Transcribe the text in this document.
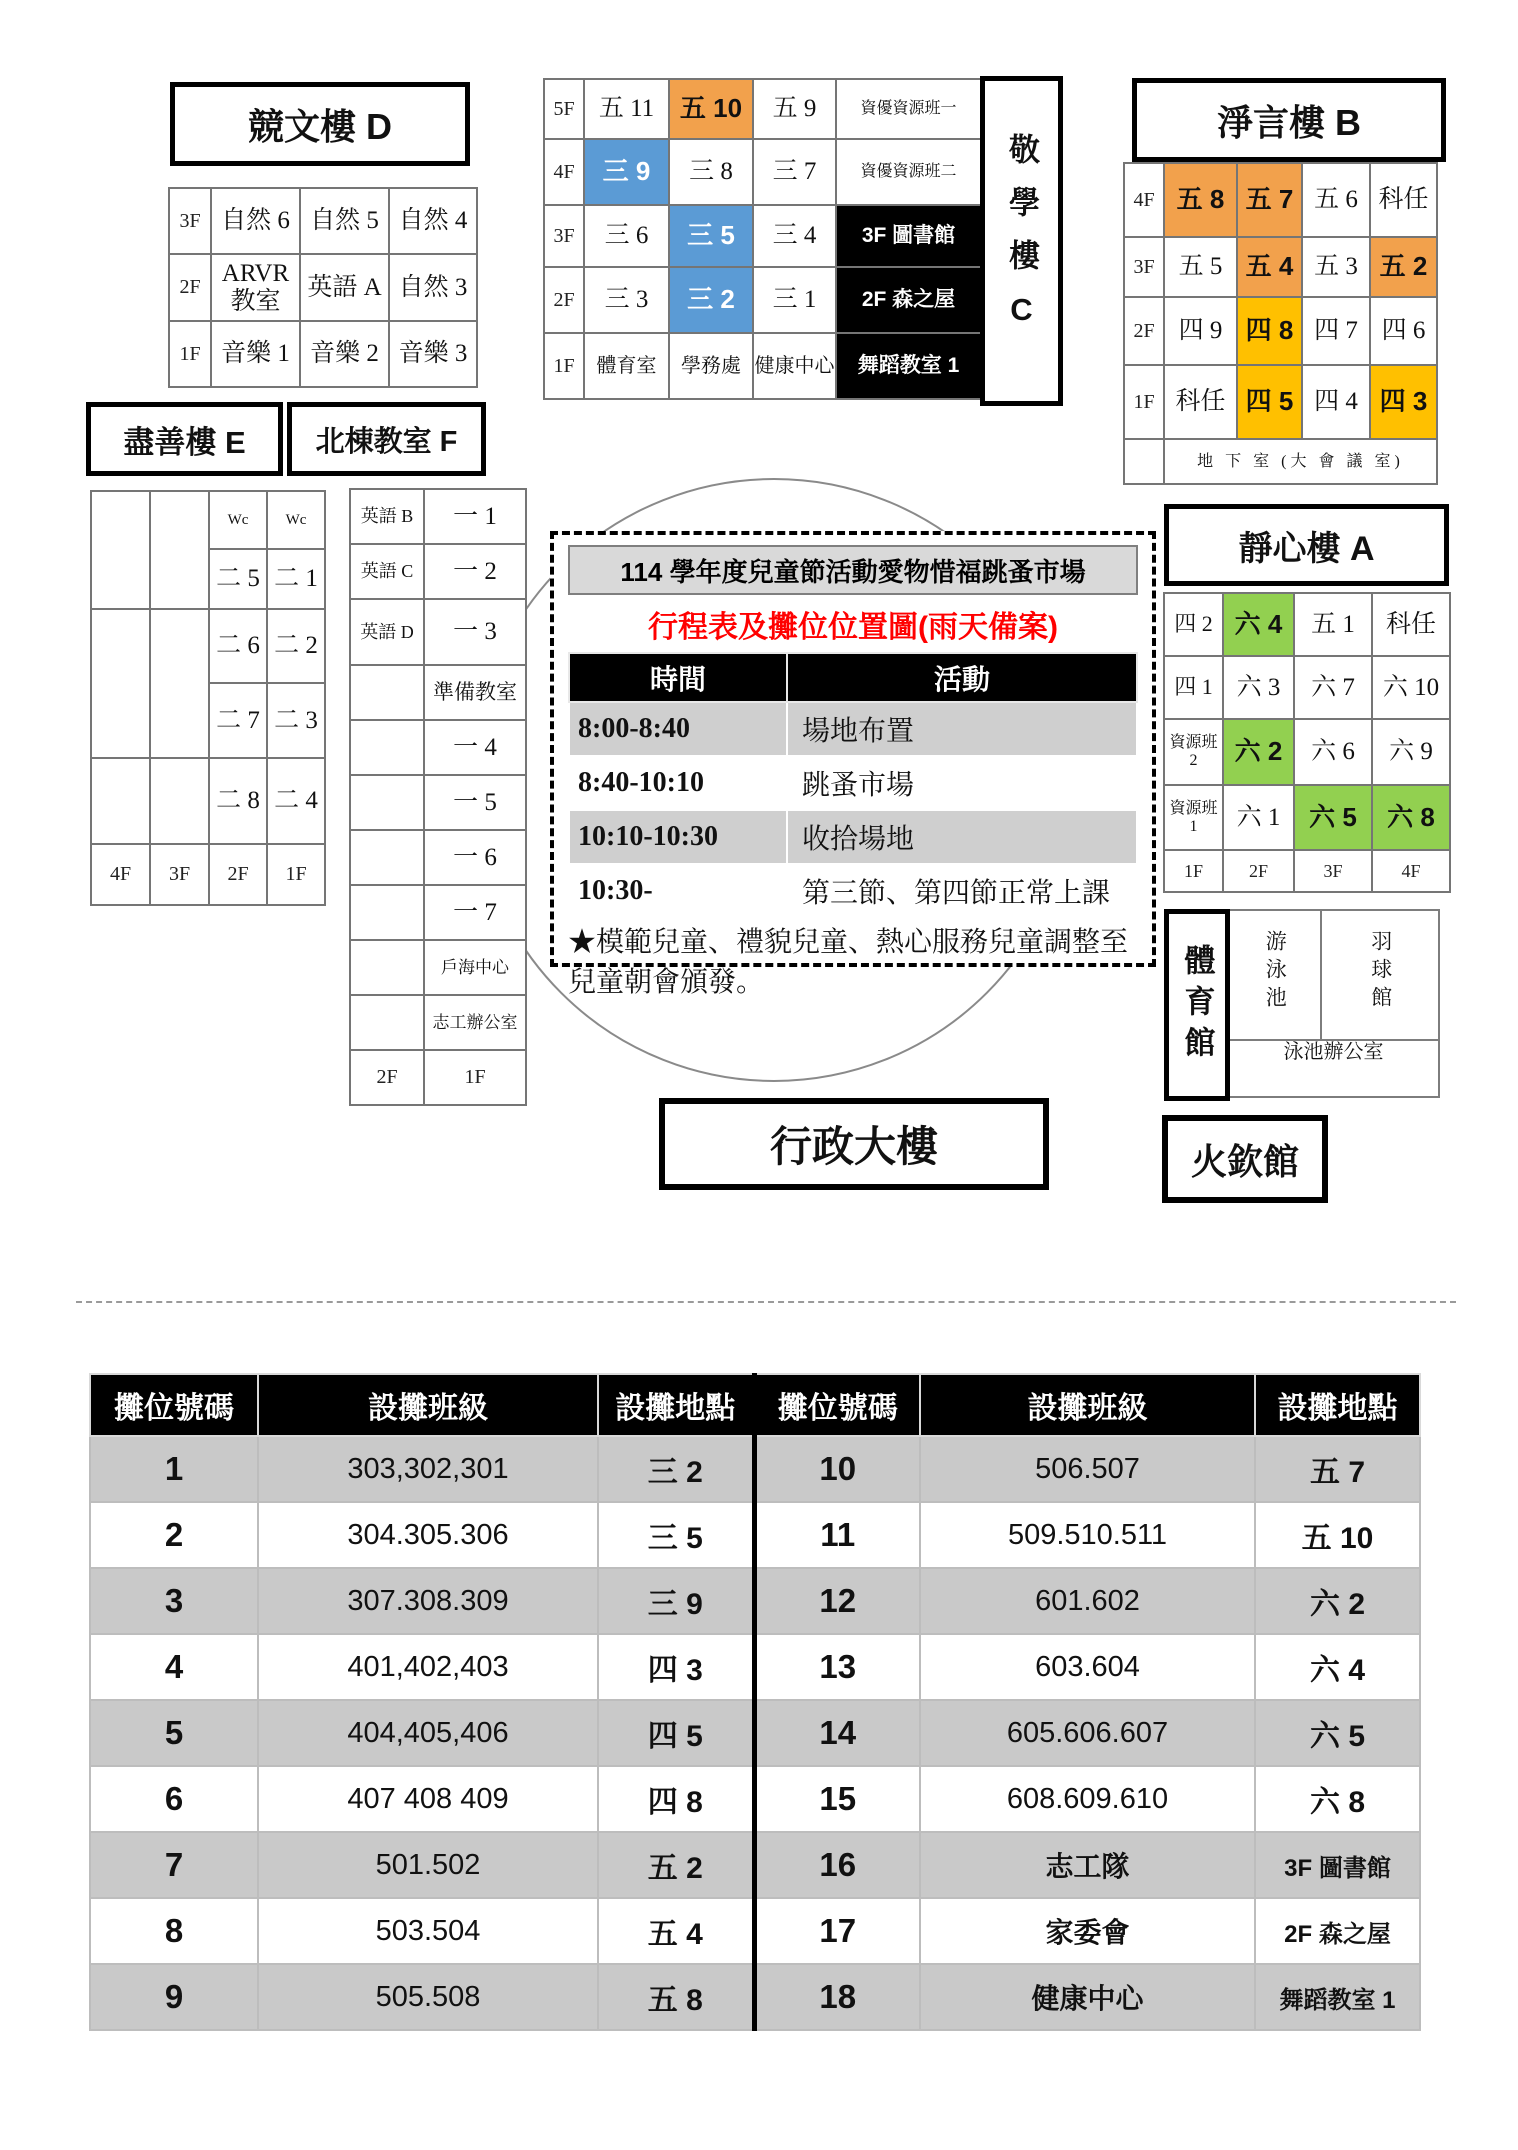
競文樓 D
3F	自然 6	自然 5	自然 4
2F	ARVR 教室	英語 A	自然 3
1F	音樂 1	音樂 2	音樂 3
5F	五 11	五 10	五 9	資優資源班一
4F	三 9	三 8	三 7	資優資源班二
3F	三 6	三 5	三 4	3F 圖書館
2F	三 3	三 2	三 1	2F 森之屋
1F	體育室	學務處	健康中心	舞蹈教室 1
敬學樓C
淨言樓 B
4F	五 8	五 7	五 6	科任
3F	五 5	五 4	五 3	五 2
2F	四 9	四 8	四 7	四 6
1F	科任	四 5	四 4	四 3
	地 下 室 (大 會 議 室)			
盡善樓 E	北棟教室 F
		Wc	Wc
		二 5	二 1
		二 6	二 2
		二 7	二 3
		二 8	二 4
4F	3F	2F	1F
英語 B	一 1
英語 C	一 2
英語 D	一 3
	準備教室
	一 4
	一 5
	一 6
	一 7
	戶海中心
	志工辦公室
2F	1F
114 學年度兒童節活動愛物惜福跳蚤市場
行程表及攤位位置圖(雨天備案)
時間	活動
8:00-8:40	場地布置
8:40-10:10	跳蚤市場
10:10-10:30	收拾場地
10:30-	第三節、第四節正常上課
★模範兒童、禮貌兒童、熱心服務兒童調整至兒童朝會頒發。
靜心樓 A
四 2	六 4	五 1	科任
四 1	六 3	六 7	六 10
資源班 2	六 2	六 6	六 9
資源班 1	六 1	六 5	六 8
1F	2F	3F	4F
體育館 游泳池	羽球館
泳池辦公室
行政大樓	火欽館
攤位號碼	設攤班級	設攤地點	攤位號碼	設攤班級	設攤地點
1	303,302,301	三 2	10	506.507	五 7
2	304.305.306	三 5	11	509.510.511	五 10
3	307.308.309	三 9	12	601.602	六 2
4	401,402,403	四 3	13	603.604	六 4
5	404,405,406	四 5	14	605.606.607	六 5
6	407 408 409	四 8	15	608.609.610	六 8
7	501.502	五 2	16	志工隊	3F 圖書館
8	503.504	五 4	17	家委會	2F 森之屋
9	505.508	五 8	18	健康中心	舞蹈教室 1
